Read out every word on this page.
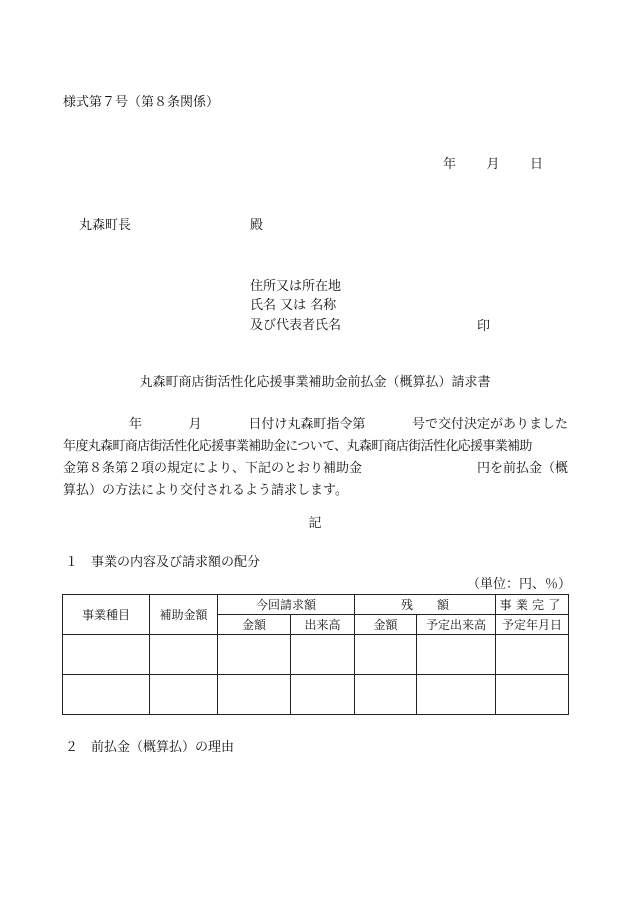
様式第７号（第８条関係）
年 月 日
丸森町長	殿
住所又は所在地
氏名 又は 名称
及び代表者氏名	印
丸森町商店街活性化応援事業補助金前払金（概算払）請求書
年	月	日付け丸森町指令第	号で交付決定がありました
年度丸森町商店街活性化応援事業補助金について、丸森町商店街活性化応援事業補助
金第８条第２項の規定により、下記のとおり補助金	円を前払金（概
算払）の方法により交付されるよう請求します。
記
１　事業の内容及び請求額の配分
（単位：円、％）
事業種目	補助金額	今回請求額		残　　額		事業完了
		金額	出来高	金額	予定出来高	予定年月日

２　前払金（概算払）の理由
